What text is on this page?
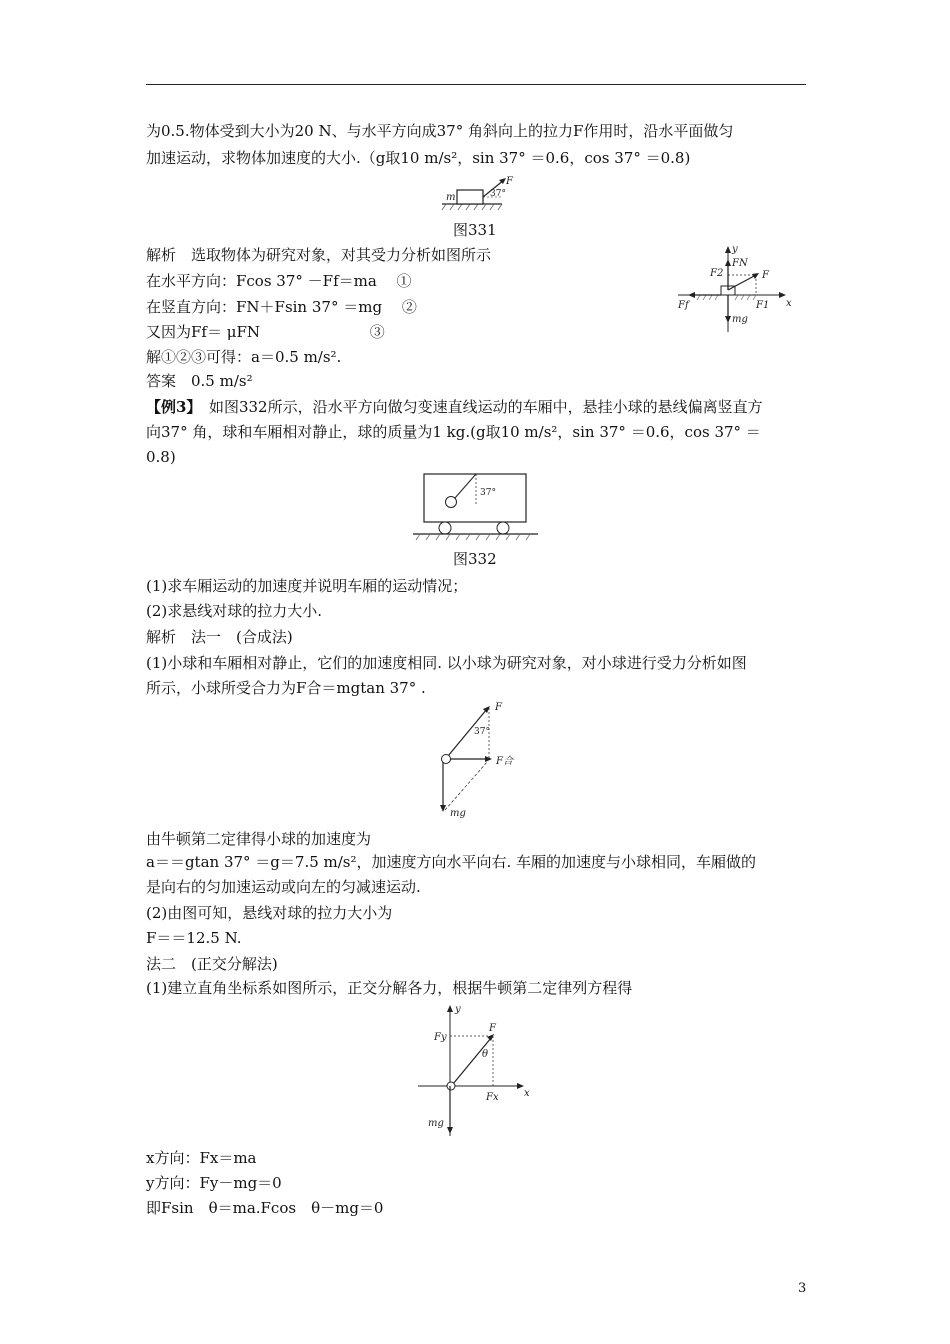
为0.5.物体受到大小为20 N、与水平方向成37° 角斜向上的拉力F作用时，沿水平面做匀
加速运动，求物体加速度的大小.（g取10 m/s²，sin 37° ＝0.6，cos 37° ＝0.8)
m
F
37°
图331
解析　选取物体为研究对象，对其受力分析如图所示
在水平方向：Fcos 37° －Ff＝ma　 ①
在竖直方向：FN＋Fsin 37° ＝mg　 ②
又因为Ff＝ μFN　　　　　　　 ③
解①②③可得：a＝0.5 m/s².
答案　0.5 m/s²
y
FN
F2	F
Ff	F1 x
mg
【例3】　如图332所示，沿水平方向做匀变速直线运动的车厢中，悬挂小球的悬线偏离竖直方
向37° 角，球和车厢相对静止，球的质量为1 kg.(g取10 m/s²，sin 37° ＝0.6，cos 37° ＝
0.8)
37°
图332
(1)求车厢运动的加速度并说明车厢的运动情况；
(2)求悬线对球的拉力大小.
解析　法一　(合成法)
(1)小球和车厢相对静止，它们的加速度相同. 以小球为研究对象，对小球进行受力分析如图
所示，小球所受合力为F合＝mgtan 37° .
F
37°
F合
mg
由牛顿第二定律得小球的加速度为
a＝＝gtan 37° ＝g＝7.5 m/s²，加速度方向水平向右. 车厢的加速度与小球相同，车厢做的
是向右的匀加速运动或向左的匀减速运动.
(2)由图可知，悬线对球的拉力大小为
F＝＝12.5 N.
法二　(正交分解法)
(1)建立直角坐标系如图所示，正交分解各力，根据牛顿第二定律列方程得
y
Fy
F
θ
Fx	x
mg
x方向：Fx＝ma
y方向：Fy－mg＝0
即Fsin　θ＝ma.Fcos　θ－mg＝0
3
